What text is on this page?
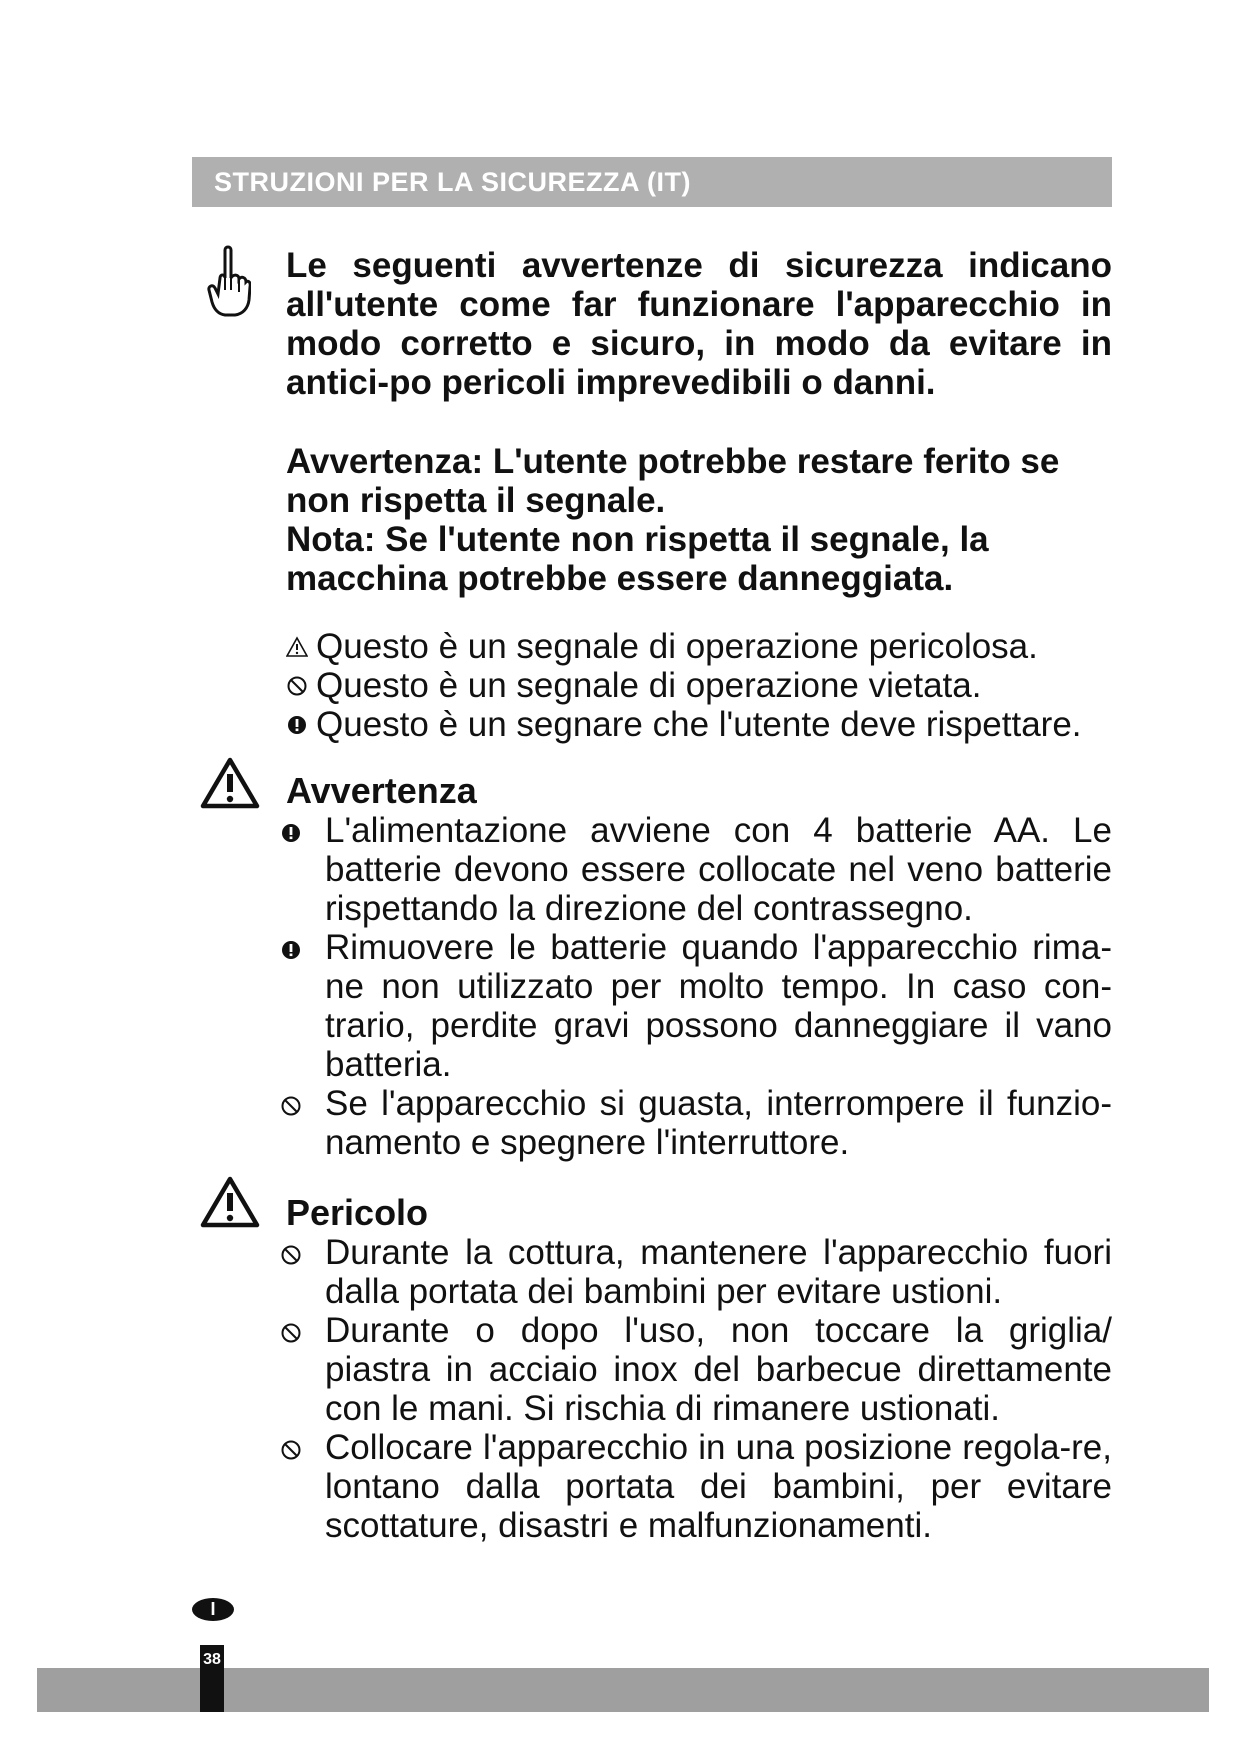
STRUZIONI PER LA SICUREZZA (IT)
Le seguenti avvertenze di sicurezza indicano all'utente come far funzionare l'apparecchio in modo corretto e sicuro, in modo da evitare in antici-po pericoli imprevedibili o danni.

Avvertenza: L'utente potrebbe restare ferito se non rispetta il segnale.

Nota: Se l'utente non rispetta il segnale, la macchina potrebbe essere danneggiata.

Questo è un segnale di operazione pericolosa.
Questo è un segnale di operazione vietata.
Questo è un segnare che l'utente deve rispettare.

Avvertenza

L'alimentazione avviene con 4 batterie AA. Le batterie devono essere collocate nel veno batterie rispettando la direzione del contrassegno.

Rimuovere le batterie quando l'apparecchio rima-ne non utilizzato per molto tempo. In caso con-trario, perdite gravi possono danneggiare il vano batteria.

Se l'apparecchio si guasta, interrompere il funzio-namento e spegnere l'interruttore.

Pericolo

Durante la cottura, mantenere l'apparecchio fuori dalla portata dei bambini per evitare ustioni.

Durante o dopo l'uso, non toccare la griglia/ piastra in acciaio inox del barbecue direttamente con le mani. Si rischia di rimanere ustionati.

Collocare l'apparecchio in una posizione regola-re, lontano dalla portata dei bambini, per evitare scottature, disastri e malfunzionamenti.

I
38
